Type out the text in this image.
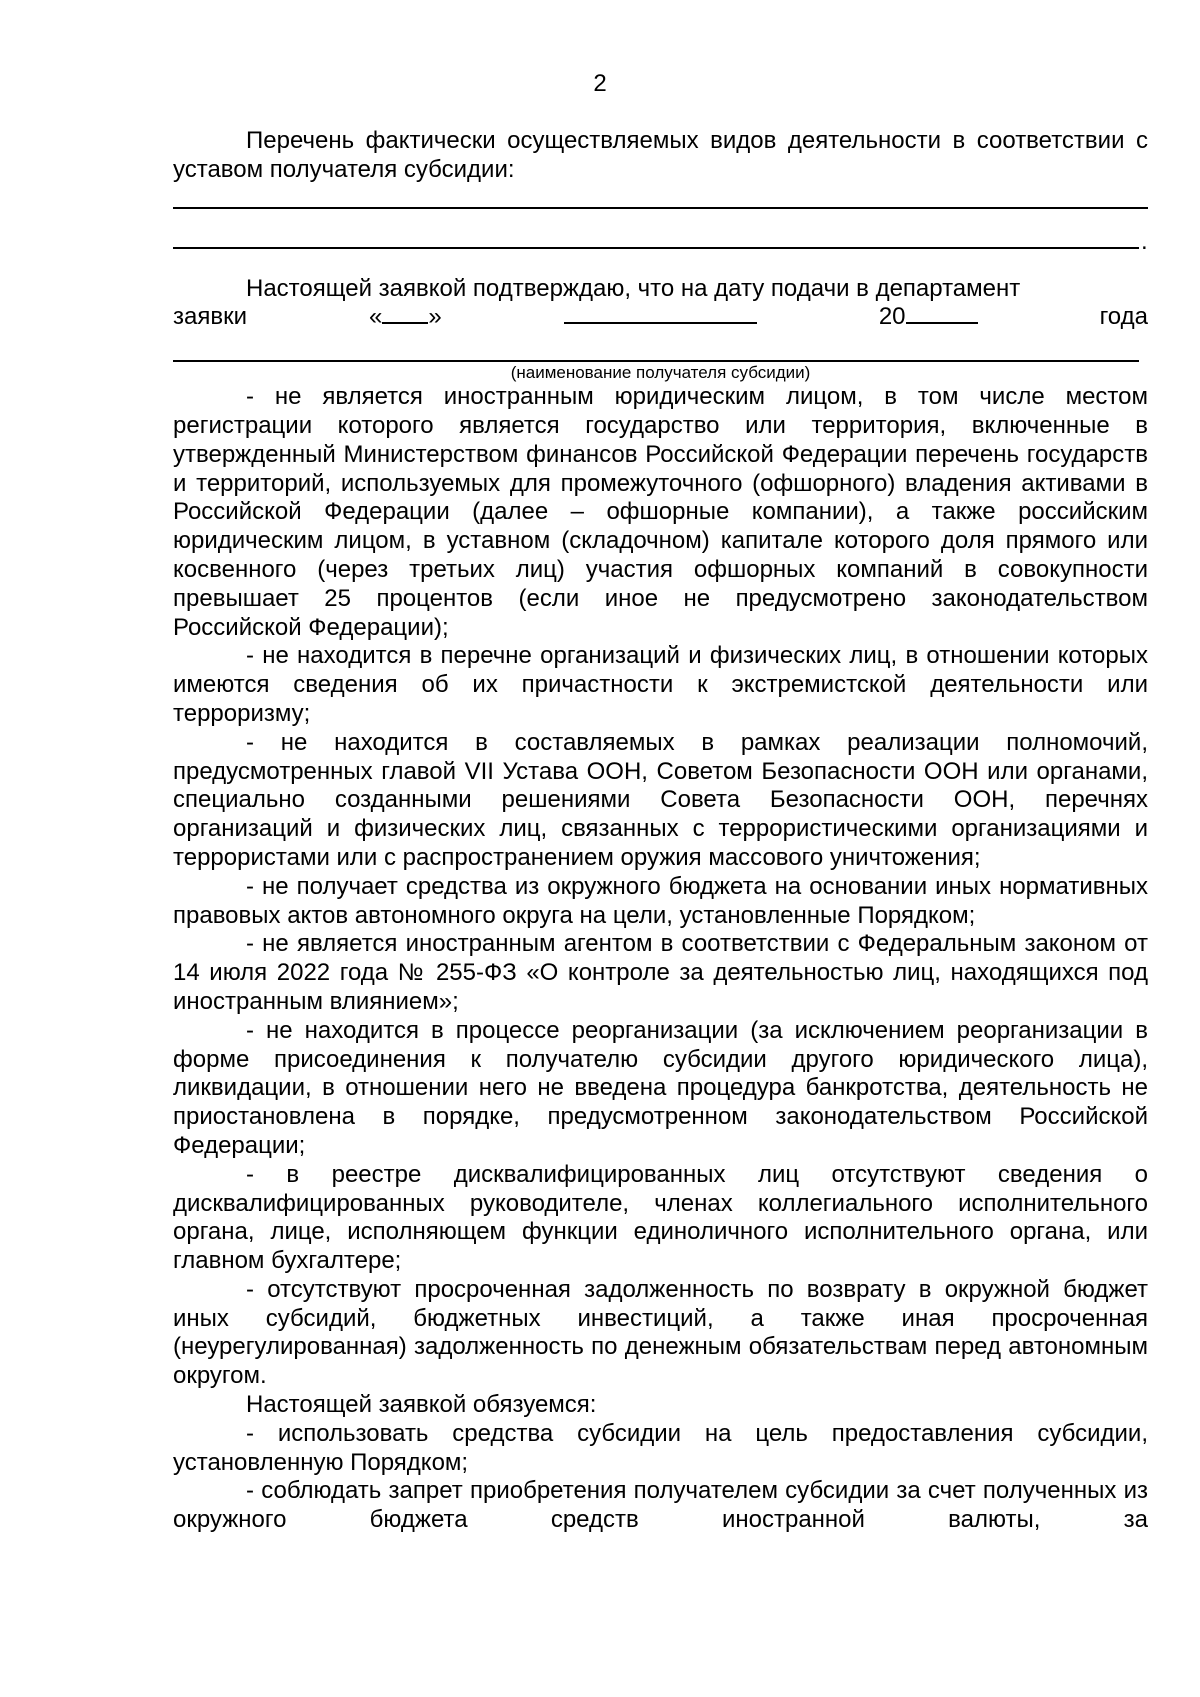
2

Перечень фактически осуществляемых видов деятельности в соответствии с уставом получателя субсидии:

.

Настоящей заявкой подтверждаю, что на дату подачи в департамент

заявки	« »	20	года
(наименование получателя субсидии)

- не является иностранным юридическим лицом, в том числе местом регистрации которого является государство или территория, включенные в утвержденный Министерством финансов Российской Федерации перечень государств и территорий, используемых для промежуточного (офшорного) владения активами в Российской Федерации (далее – офшорные компании), а также российским юридическим лицом, в уставном (складочном) капитале которого доля прямого или косвенного (через третьих лиц) участия офшорных компаний в совокупности превышает 25 процентов (если иное не предусмотрено законодательством Российской Федерации);

- не находится в перечне организаций и физических лиц, в отношении которых имеются сведения об их причастности к экстремистской деятельности или терроризму;

- не находится в составляемых в рамках реализации полномочий, предусмотренных главой VII Устава ООН, Советом Безопасности ООН или органами, специально созданными решениями Совета Безопасности ООН, перечнях организаций и физических лиц, связанных с террористическими организациями и террористами или с распространением оружия массового уничтожения;

- не получает средства из окружного бюджета на основании иных нормативных правовых актов автономного округа на цели, установленные Порядком;

- не является иностранным агентом в соответствии с Федеральным законом от 14 июля 2022 года № 255-ФЗ «О контроле за деятельностью лиц, находящихся под иностранным влиянием»;

- не находится в процессе реорганизации (за исключением реорганизации в форме присоединения к получателю субсидии другого юридического лица), ликвидации, в отношении него не введена процедура банкротства, деятельность не приостановлена в порядке, предусмотренном законодательством Российской Федерации;

- в реестре дисквалифицированных лиц отсутствуют сведения о дисквалифицированных руководителе, членах коллегиального исполнительного органа, лице, исполняющем функции единоличного исполнительного органа, или главном бухгалтере;

- отсутствуют просроченная задолженность по возврату в окружной бюджет иных субсидий, бюджетных инвестиций, а также иная просроченная (неурегулированная) задолженность по денежным обязательствам перед автономным округом.

Настоящей заявкой обязуемся:

- использовать средства субсидии на цель предоставления субсидии, установленную Порядком;

- соблюдать запрет приобретения получателем субсидии за счет полученных из окружного бюджета средств иностранной валюты, за
